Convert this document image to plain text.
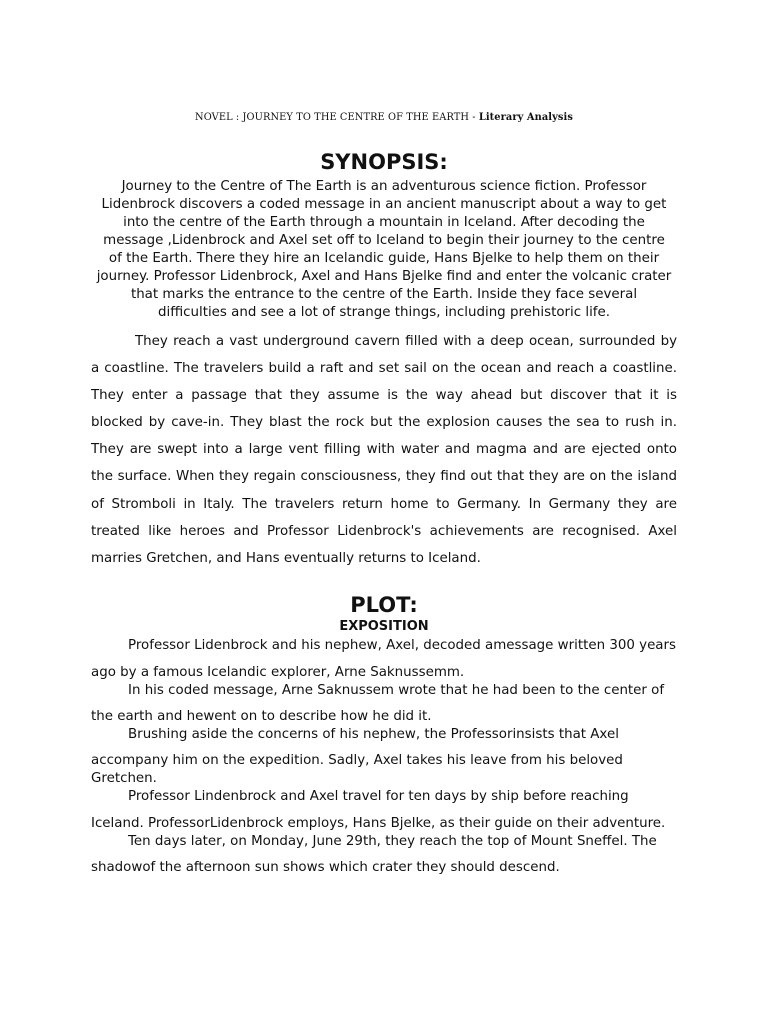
NOVEL : JOURNEY TO THE CENTRE OF THE EARTH - Literary Analysis
SYNOPSIS:
Journey to the Centre of The Earth is an adventurous science fiction. Professor
Lidenbrock discovers a coded message in an ancient manuscript about a way to get
into the centre of the Earth through a mountain in Iceland. After decoding the
message ,Lidenbrock and Axel set off to Iceland to begin their journey to the centre
of the Earth. There they hire an Icelandic guide, Hans Bjelke to help them on their
journey. Professor Lidenbrock, Axel and Hans Bjelke find and enter the volcanic crater
that marks the entrance to the centre of the Earth. Inside they face several
difficulties and see a lot of strange things, including prehistoric life.
They reach a vast underground cavern filled with a deep ocean, surrounded by a coastline. The travelers build a raft and set sail on the ocean and reach a coastline. They enter a passage that they assume is the way ahead but discover that it is blocked by cave-in. They blast the rock but the explosion causes the sea to rush in. They are swept into a large vent filling with water and magma and are ejected onto the surface. When they regain consciousness, they find out that they are on the island of Stromboli in Italy. The travelers return home to Germany. In Germany they are treated like heroes and Professor Lidenbrock's achievements are recognised. Axel marries Gretchen, and Hans eventually returns to Iceland.
PLOT:
EXPOSITION
Professor Lidenbrock and his nephew, Axel, decoded amessage written 300 years
ago by a famous Icelandic explorer, Arne Saknussemm.
In his coded message, Arne Saknussem wrote that he had been to the center of
the earth and hewent on to describe how he did it.
Brushing aside the concerns of his nephew, the Professorinsists that Axel
accompany him on the expedition. Sadly, Axel takes his leave from his beloved
Gretchen.
Professor Lindenbrock and Axel travel for ten days by ship before reaching
Iceland. ProfessorLidenbrock employs, Hans Bjelke, as their guide on their adventure.
Ten days later, on Monday, June 29th, they reach the top of Mount Sneffel. The
shadowof the afternoon sun shows which crater they should descend.
